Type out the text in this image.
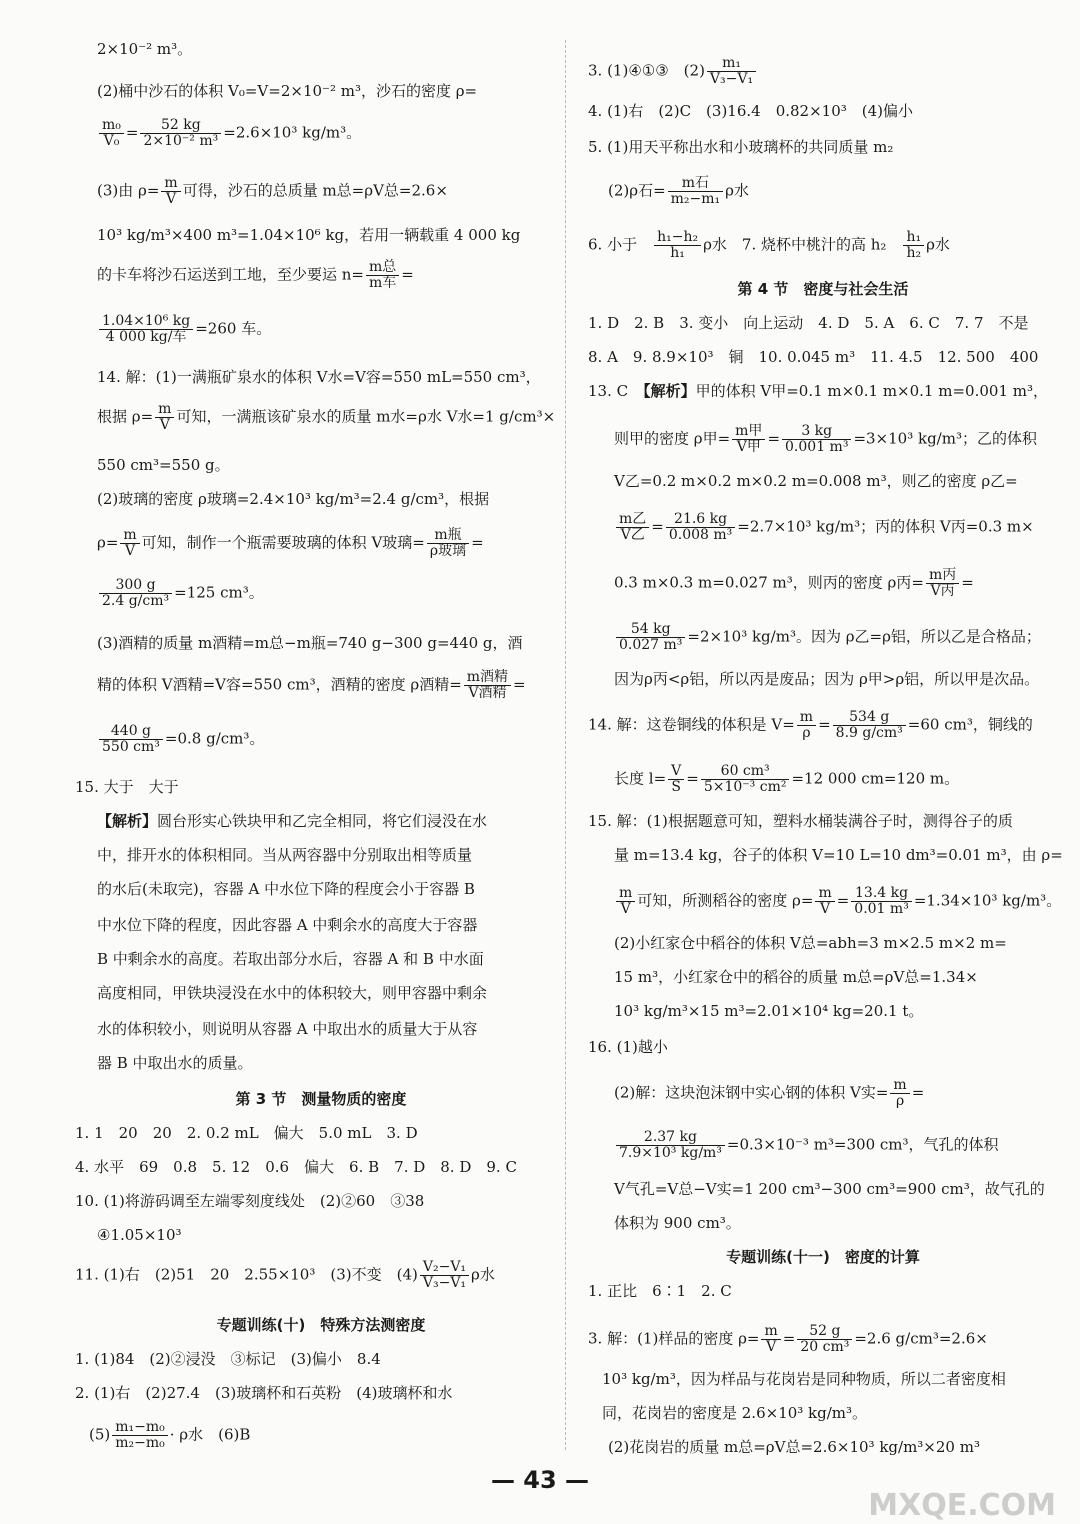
2×10⁻² m³。
(2)桶中沙石的体积 V₀=V=2×10⁻² m³，沙石的密度 ρ=
$\frac{\text{m₀}}{\text{V₀}} = \frac{52 kg}{\text{2×10⁻² m³}} =2.6\times 10^3$ kg/m³。
(3)由 $\rho= \frac{m}{V}$ 可得，沙石的总质量 m总=ρV总=2.6×
10³ kg/m³×400 m³=1.04×10⁶ kg，若用一辆载重 4 000 kg
的卡车将沙石运送到工地，至少要运 $n= \frac{\text{m总}}{\text{m车}}$ =
$\frac{\text{1.04×10⁶ kg}}{\text{4 000 kg/车}} =260$ 车。
14. 解：(1)一满瓶矿泉水的体积 V水=V容=550 mL=550 cm³，
根据 $\rho= \frac{m}{V}$ 可知，一满瓶该矿泉水的质量 m水=ρ水 V水=1 g/cm³×
550 cm³=550 g。
(2)玻璃的密度 ρ玻璃=2.4×10³ kg/m³=2.4 g/cm³，根据
$\rho= \frac{m}{V}$ 可知，制作一个瓶需要玻璃的体积 V玻璃= $\frac{\text{m瓶}}{\text{ρ玻璃}}$ =
$\frac{300 g}{\text{2.4 g/cm³}} =125$ cm³。
(3)酒精的质量 m酒精=m总−m瓶=740 g−300 g=440 g，酒
精的体积 V酒精=V容=550 cm³，酒精的密度 ρ酒精= $\frac{\text{m酒精}}{\text{V酒精}}$ =
$\frac{440 g}{\text{550 cm³}} =0.8$ g/cm³。
15. 大于　大于
【解析】圆台形实心铁块甲和乙完全相同，将它们浸没在水
中，排开水的体积相同。当从两容器中分别取出相等质量
的水后(未取完)，容器 A 中水位下降的程度会小于容器 B
中水位下降的程度，因此容器 A 中剩余水的高度大于容器
B 中剩余水的高度。若取出部分水后，容器 A 和 B 中水面
高度相同，甲铁块浸没在水中的体积较大，则甲容器中剩余
水的体积较小，则说明从容器 A 中取出水的质量大于从容
器 B 中取出水的质量。
第 3 节　测量物质的密度
1. 1　20　20　2. 0.2 mL　偏大　5.0 mL　3. D
4. 水平　69　0.8　5. 12　0.6　偏大　6. B　7. D　8. D　9. C
10. (1)将游码调至左端零刻度线处　(2)②60　③38
④1.05×10³
11. (1)右　(2)51　20　2.55×10³　(3)不变　$(4) \frac{\text{V₂−V₁}}{\text{V₃−V₁}}$ ρ水
专题训练(十)　特殊方法测密度
1. (1)84　(2)②浸没　③标记　(3)偏小　8.4
2. (1)右　(2)27.4　(3)玻璃杯和石英粉　(4)玻璃杯和水
$(5) \frac{\text{m₁−m₀}}{\text{m₂−m₀}} \cdot \rho$水　(6)B
3. (1)④①③　$(2) \frac{\text{m₁}}{\text{V₃−V₁}}$
4. (1)右　(2)C　(3)16.4　0.82×10³　(4)偏小
5. (1)用天平称出水和小玻璃杯的共同质量 m₂
(2)ρ石= $\frac{\text{m石}}{\text{m₂−m₁}}$ ρ水
6. 小于　 $\frac{\text{h₁−h₂}}{\text{h₁}}$ ρ水　7. 烧杯中桃汁的高 h₂　 $\frac{\text{h₁}}{\text{h₂}}$ ρ水
第 4 节　密度与社会生活
1. D　2. B　3. 变小　向上运动　4. D　5. A　6. C　7. 7　不是
8. A　9. 8.9×10³　铜　10. 0.045 m³　11. 4.5　12. 500　400
13. C　【解析】甲的体积 V甲=0.1 m×0.1 m×0.1 m=0.001 m³，
则甲的密度 ρ甲= $\frac{\text{m甲}}{\text{V甲}} = \frac{3 kg}{\text{0.001 m³}} =3\times 10^3$ kg/m³；乙的体积
V乙=0.2 m×0.2 m×0.2 m=0.008 m³，则乙的密度 ρ乙=
$\frac{\text{m乙}}{\text{V乙}} = \frac{21.6 kg}{\text{0.008 m³}} =2.7\times 10^3$ kg/m³；丙的体积 V丙=0.3 m×
0.3 m×0.3 m=0.027 m³，则丙的密度 ρ丙= $\frac{\text{m丙}}{\text{V丙}}$ =
$\frac{54 kg}{\text{0.027 m³}} =2\times 10^3$ kg/m³。因为 ρ乙=ρ铝，所以乙是合格品；
因为ρ丙<ρ铝，所以丙是废品；因为 ρ甲>ρ铝，所以甲是次品。
14. 解：这卷铜线的体积是 $V= \frac{m}{\rho} = \frac{534 g}{\text{8.9 g/cm³}} =60$ cm³，铜线的
长度 $l= \frac{V}{S} = \frac{\text{60 cm³}}{\text{5×10⁻³ cm²}} =12$ 000 cm=120 m。
15. 解：(1)根据题意可知，塑料水桶装满谷子时，测得谷子的质
量 m=13.4 kg，谷子的体积 V=10 L=10 dm³=0.01 m³，由 ρ=
$\frac{m}{V}$ 可知，所测稻谷的密度 $\rho= \frac{m}{V} = \frac{13.4 kg}{\text{0.01 m³}} =1.34\times 10^3$ kg/m³。
(2)小红家仓中稻谷的体积 V总=abh=3 m×2.5 m×2 m=
15 m³，小红家仓中的稻谷的质量 m总=ρV总=1.34×
10³ kg/m³×15 m³=2.01×10⁴ kg=20.1 t。
16. (1)越小
(2)解：这块泡沫钢中实心钢的体积 V实= $\frac{m}{\rho}$ =
$\frac{2.37 kg}{\text{7.9×10³ kg/m³}} =0.3\times 10^{-3}$ m³=300 cm³，气孔的体积
V气孔=V总−V实=1 200 cm³−300 cm³=900 cm³，故气孔的
体积为 900 cm³。
专题训练(十一)　密度的计算
1. 正比　6∶1　2. C
3. 解：(1)样品的密度 $\rho= \frac{m}{V} = \frac{52 g}{\text{20 cm³}} =2.6$ g/cm³=2.6×
10³ kg/m³，因为样品与花岗岩是同种物质，所以二者密度相
同，花岗岩的密度是 2.6×10³ kg/m³。
(2)花岗岩的质量 m总=ρV总=2.6×10³ kg/m³×20 m³
— 43 —
MXQE.COM
